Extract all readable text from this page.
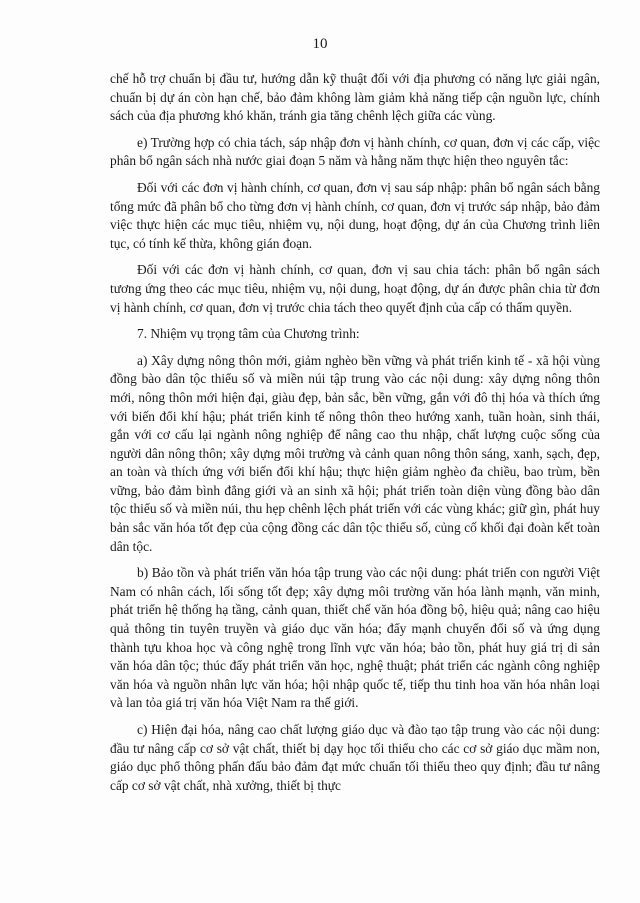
10

chế hỗ trợ chuẩn bị đầu tư, hướng dẫn kỹ thuật đối với địa phương có năng lực giải ngân, chuẩn bị dự án còn hạn chế, bảo đảm không làm giảm khả năng tiếp cận nguồn lực, chính sách của địa phương khó khăn, tránh gia tăng chênh lệch giữa các vùng.

e) Trường hợp có chia tách, sáp nhập đơn vị hành chính, cơ quan, đơn vị các cấp, việc phân bổ ngân sách nhà nước giai đoạn 5 năm và hằng năm thực hiện theo nguyên tắc:

Đối với các đơn vị hành chính, cơ quan, đơn vị sau sáp nhập: phân bổ ngân sách bằng tổng mức đã phân bổ cho từng đơn vị hành chính, cơ quan, đơn vị trước sáp nhập, bảo đảm việc thực hiện các mục tiêu, nhiệm vụ, nội dung, hoạt động, dự án của Chương trình liên tục, có tính kế thừa, không gián đoạn.

Đối với các đơn vị hành chính, cơ quan, đơn vị sau chia tách: phân bổ ngân sách tương ứng theo các mục tiêu, nhiệm vụ, nội dung, hoạt động, dự án được phân chia từ đơn vị hành chính, cơ quan, đơn vị trước chia tách theo quyết định của cấp có thẩm quyền.

7. Nhiệm vụ trọng tâm của Chương trình:

a) Xây dựng nông thôn mới, giảm nghèo bền vững và phát triển kinh tế - xã hội vùng đồng bào dân tộc thiểu số và miền núi tập trung vào các nội dung: xây dựng nông thôn mới, nông thôn mới hiện đại, giàu đẹp, bản sắc, bền vững, gắn với đô thị hóa và thích ứng với biến đổi khí hậu; phát triển kinh tế nông thôn theo hướng xanh, tuần hoàn, sinh thái, gắn với cơ cấu lại ngành nông nghiệp để nâng cao thu nhập, chất lượng cuộc sống của người dân nông thôn; xây dựng môi trường và cảnh quan nông thôn sáng, xanh, sạch, đẹp, an toàn và thích ứng với biến đổi khí hậu; thực hiện giảm nghèo đa chiều, bao trùm, bền vững, bảo đảm bình đẳng giới và an sinh xã hội; phát triển toàn diện vùng đồng bào dân tộc thiểu số và miền núi, thu hẹp chênh lệch phát triển với các vùng khác; giữ gìn, phát huy bản sắc văn hóa tốt đẹp của cộng đồng các dân tộc thiểu số, củng cố khối đại đoàn kết toàn dân tộc.

b) Bảo tồn và phát triển văn hóa tập trung vào các nội dung: phát triển con người Việt Nam có nhân cách, lối sống tốt đẹp; xây dựng môi trường văn hóa lành mạnh, văn minh, phát triển hệ thống hạ tầng, cảnh quan, thiết chế văn hóa đồng bộ, hiệu quả; nâng cao hiệu quả thông tin tuyên truyền và giáo dục văn hóa; đẩy mạnh chuyển đổi số và ứng dụng thành tựu khoa học và công nghệ trong lĩnh vực văn hóa; bảo tồn, phát huy giá trị di sản văn hóa dân tộc; thúc đẩy phát triển văn học, nghệ thuật; phát triển các ngành công nghiệp văn hóa và nguồn nhân lực văn hóa; hội nhập quốc tế, tiếp thu tinh hoa văn hóa nhân loại và lan tỏa giá trị văn hóa Việt Nam ra thế giới.

c) Hiện đại hóa, nâng cao chất lượng giáo dục và đào tạo tập trung vào các nội dung: đầu tư nâng cấp cơ sở vật chất, thiết bị dạy học tối thiểu cho các cơ sở giáo dục mầm non, giáo dục phổ thông phấn đấu bảo đảm đạt mức chuẩn tối thiểu theo quy định; đầu tư nâng cấp cơ sở vật chất, nhà xưởng, thiết bị thực
